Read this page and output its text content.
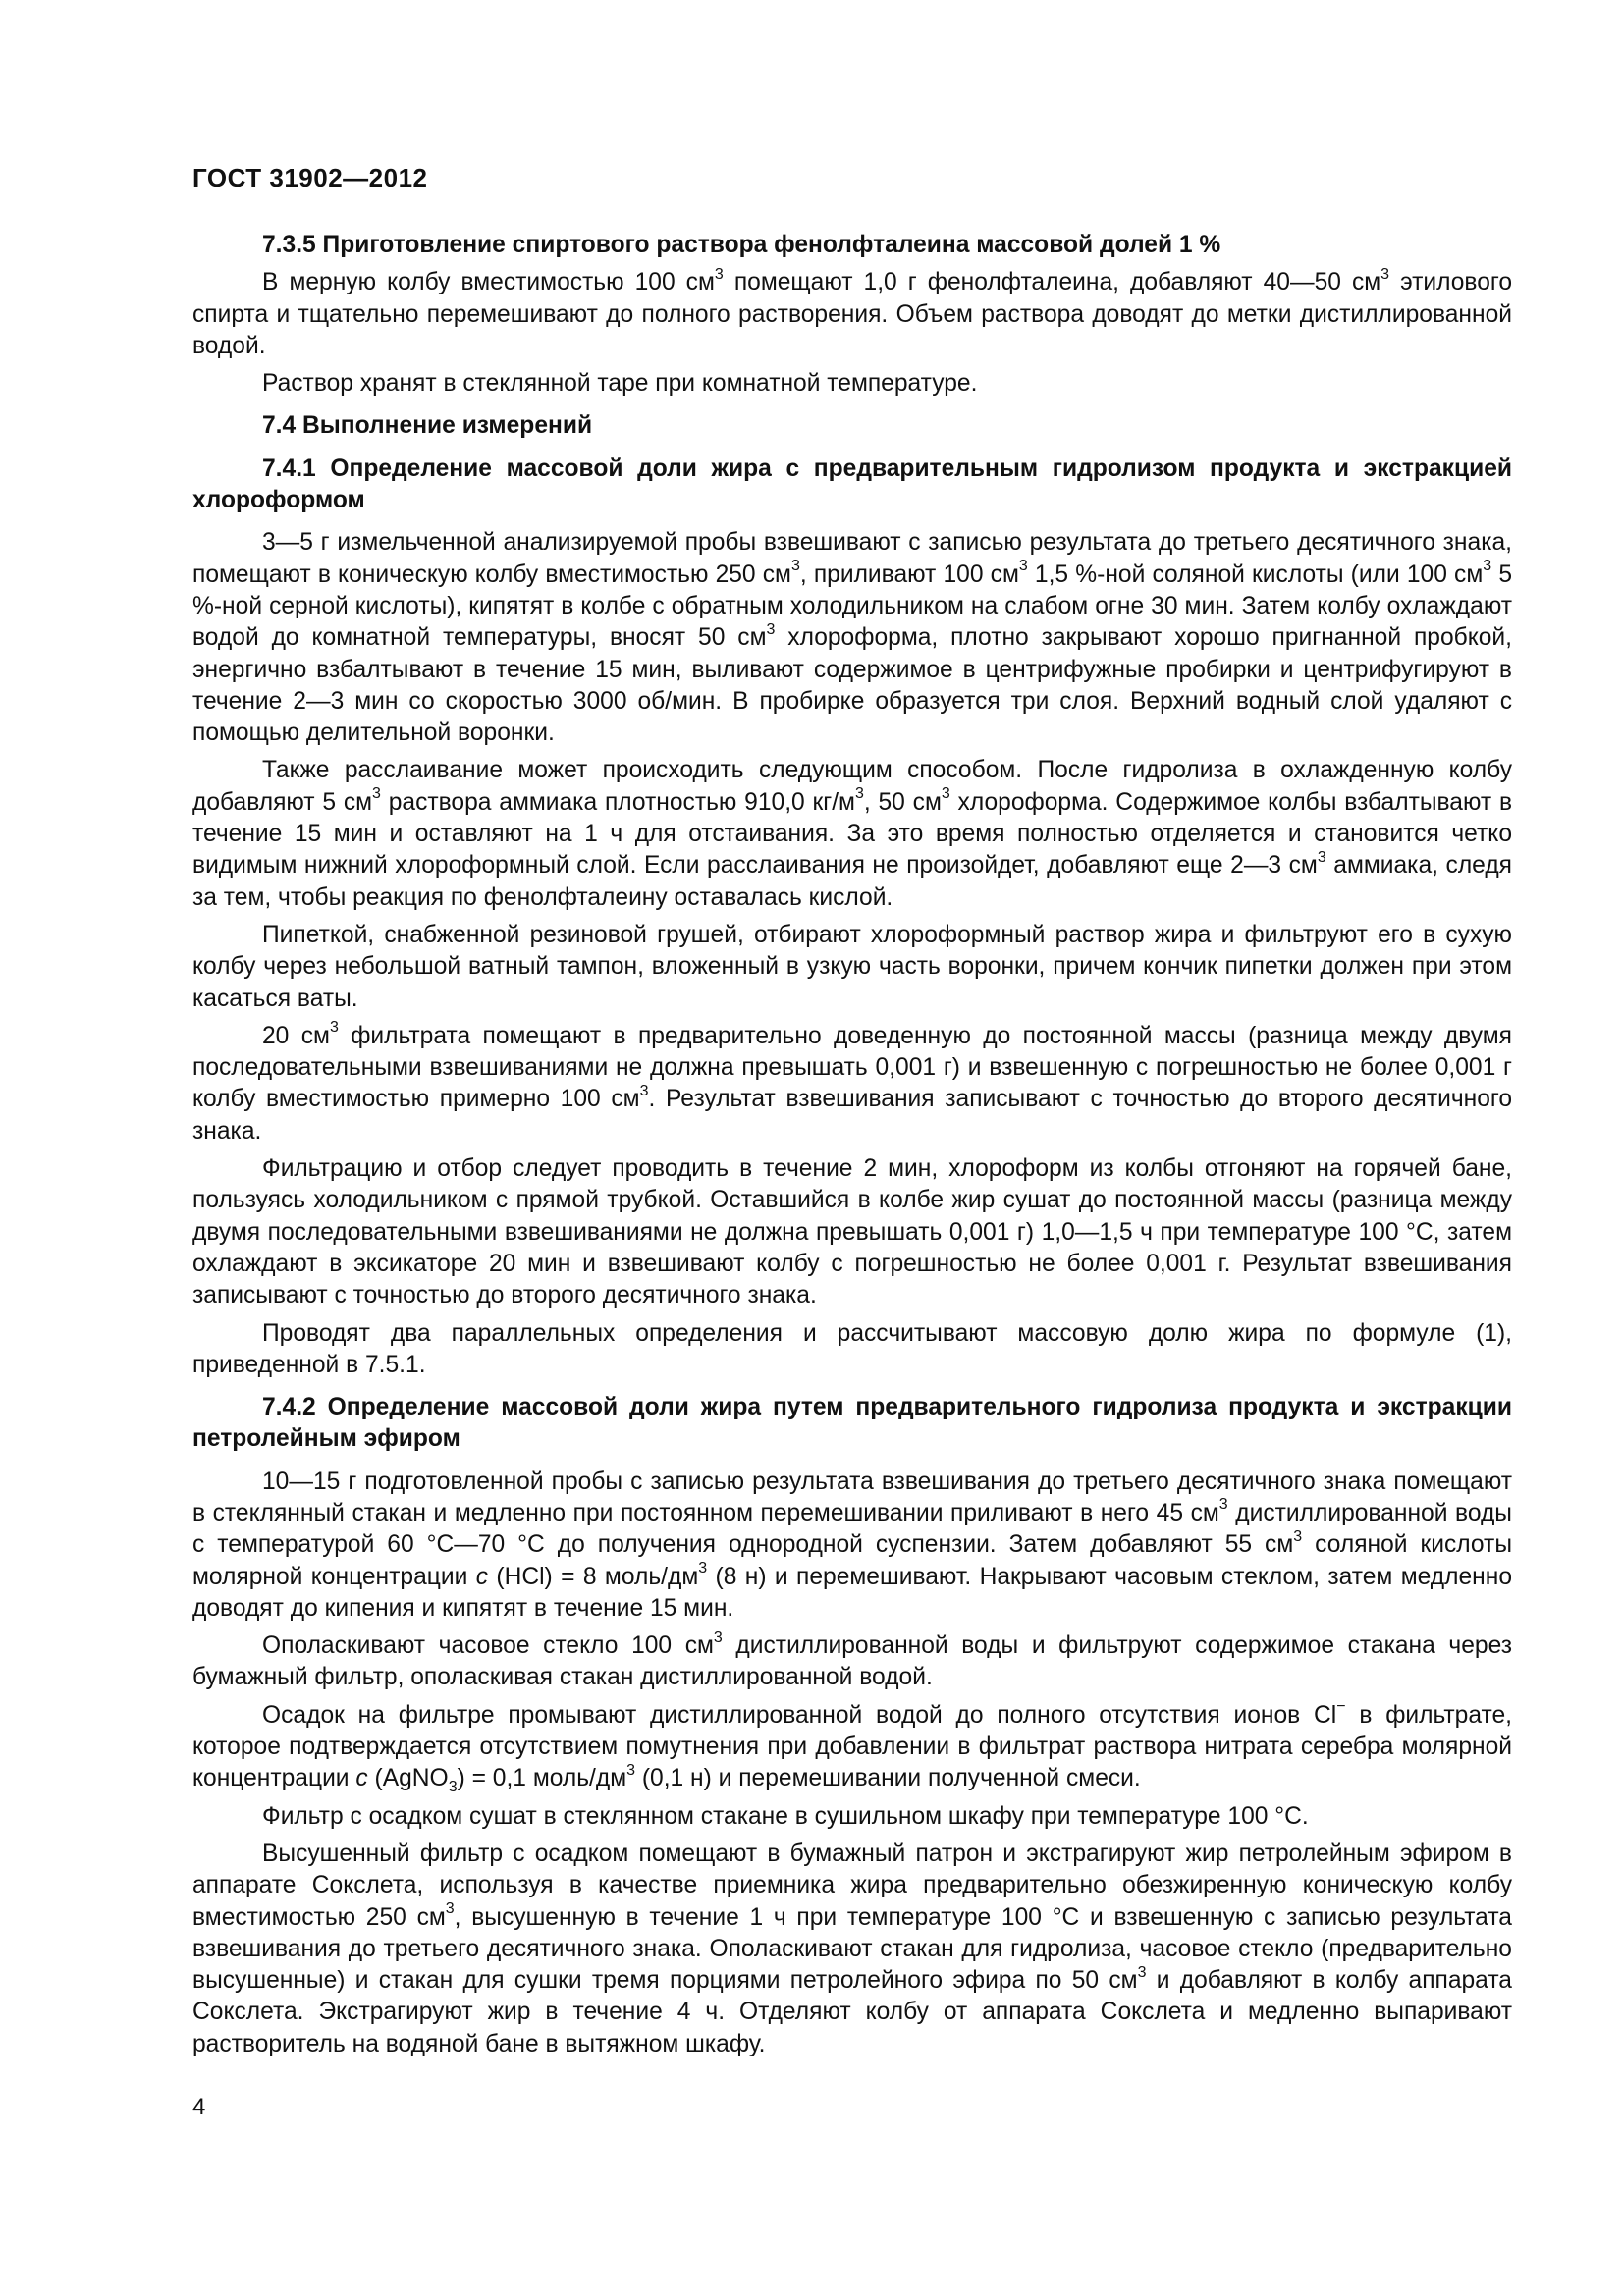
ГОСТ 31902—2012
7.3.5 Приготовление спиртового раствора фенолфталеина массовой долей 1 %

В мерную колбу вместимостью 100 $см^3$ помещают 1,0 г фенолфталеина, добавляют 40—50 $см^3$ этилового спирта и тщательно перемешивают до полного растворения. Объем раствора доводят до метки дистиллированной водой.

Раствор хранят в стеклянной таре при комнатной температуре.

7.4 Выполнение измерений
7.4.1 Определение массовой доли жира с предварительным гидролизом продукта и экстракцией хлороформом

3—5 г измельченной анализируемой пробы взвешивают с записью результата до третьего десятичного знака, помещают в коническую колбу вместимостью 250 $см^3$, приливают 100 $см^3$ 1,5 %-ной соляной кислоты (или 100 $см^3$ 5 %-ной серной кислоты), кипятят в колбе с обратным холодильником на слабом огне 30 мин. Затем колбу охлаждают водой до комнатной температуры, вносят 50 $см^3$ хлороформа, плотно закрывают хорошо пригнанной пробкой, энергично взбалтывают в течение 15 мин, выливают содержимое в центрифужные пробирки и центрифугируют в течение 2—3 мин со скоростью 3000 об/мин. В пробирке образуется три слоя. Верхний водный слой удаляют с помощью делительной воронки.

Также расслаивание может происходить следующим способом. После гидролиза в охлажденную колбу добавляют 5 $см^3$ раствора аммиака плотностью 910,0 $кг/м^3$, 50 $см^3$ хлороформа. Содержимое колбы взбалтывают в течение 15 мин и оставляют на 1 ч для отстаивания. За это время полностью отделяется и становится четко видимым нижний хлороформный слой. Если расслаивания не произойдет, добавляют еще 2—3 $см^3$ аммиака, следя за тем, чтобы реакция по фенолфталеину оставалась кислой.

Пипеткой, снабженной резиновой грушей, отбирают хлороформный раствор жира и фильтруют его в сухую колбу через небольшой ватный тампон, вложенный в узкую часть воронки, причем кончик пипетки должен при этом касаться ваты.

20 $см^3$ фильтрата помещают в предварительно доведенную до постоянной массы (разница между двумя последовательными взвешиваниями не должна превышать 0,001 г) и взвешенную с погрешностью не более 0,001 г колбу вместимостью примерно 100 $см^3$. Результат взвешивания записывают с точностью до второго десятичного знака.

Фильтрацию и отбор следует проводить в течение 2 мин, хлороформ из колбы отгоняют на горячей бане, пользуясь холодильником с прямой трубкой. Оставшийся в колбе жир сушат до постоянной массы (разница между двумя последовательными взвешиваниями не должна превышать 0,001 г) 1,0—1,5 ч при температуре 100 °С, затем охлаждают в эксикаторе 20 мин и взвешивают колбу с погрешностью не более 0,001 г. Результат взвешивания записывают с точностью до второго десятичного знака.

Проводят два параллельных определения и рассчитывают массовую долю жира по формуле (1), приведенной в 7.5.1.

7.4.2 Определение массовой доли жира путем предварительного гидролиза продукта и экстракции петролейным эфиром

10—15 г подготовленной пробы с записью результата взвешивания до третьего десятичного знака помещают в стеклянный стакан и медленно при постоянном перемешивании приливают в него 45 $см^3$ дистиллированной воды с температурой 60 °С—70 °С до получения однородной суспензии. Затем добавляют 55 $см^3$ соляной кислоты молярной концентрации с (HCl) = 8 моль/$дм^3$ (8 н) и перемешивают. Накрывают часовым стеклом, затем медленно доводят до кипения и кипятят в течение 15 мин.

Ополаскивают часовое стекло 100 $см^3$ дистиллированной воды и фильтруют содержимое стакана через бумажный фильтр, ополаскивая стакан дистиллированной водой.

Осадок на фильтре промывают дистиллированной водой до полного отсутствия ионов Cl− в фильтрате, которое подтверждается отсутствием помутнения при добавлении в фильтрат раствора нитрата серебра молярной концентрации с (AgNO$_3$) = 0,1 моль/$дм^3$ (0,1 н) и перемешивании полученной смеси.

Фильтр с осадком сушат в стеклянном стакане в сушильном шкафу при температуре 100 °С.

Высушенный фильтр с осадком помещают в бумажный патрон и экстрагируют жир петролейным эфиром в аппарате Сокслета, используя в качестве приемника жира предварительно обезжиренную коническую колбу вместимостью 250 $см^3$, высушенную в течение 1 ч при температуре 100 °С и взвешенную с записью результата взвешивания до третьего десятичного знака. Ополаскивают стакан для гидролиза, часовое стекло (предварительно высушенные) и стакан для сушки тремя порциями петролейного эфира по 50 $см^3$ и добавляют в колбу аппарата Сокслета. Экстрагируют жир в течение 4 ч. Отделяют колбу от аппарата Сокслета и медленно выпаривают растворитель на водяной бане в вытяжном шкафу.

4
